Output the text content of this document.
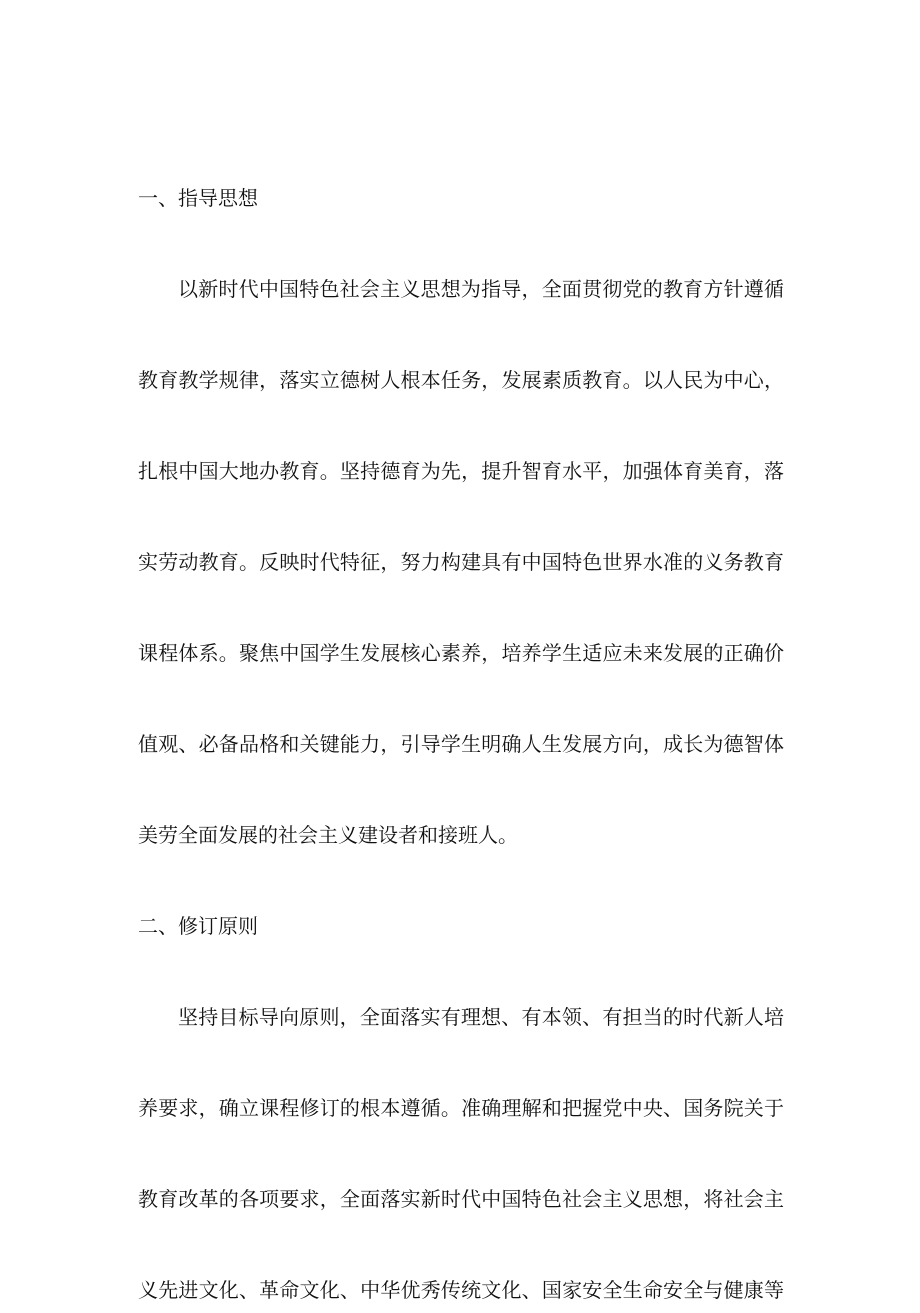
一、指导思想
以新时代中国特色社会主义思想为指导，全面贯彻党的教育方针遵循
教育教学规律，落实立德树人根本任务，发展素质教育。以人民为中心，
扎根中国大地办教育。坚持德育为先，提升智育水平，加强体育美育，落
实劳动教育。反映时代特征，努力构建具有中国特色世界水准的义务教育
课程体系。聚焦中国学生发展核心素养，培养学生适应未来发展的正确价
值观、必备品格和关键能力，引导学生明确人生发展方向，成长为德智体
美劳全面发展的社会主义建设者和接班人。
二、修订原则
坚持目标导向原则，全面落实有理想、有本领、有担当的时代新人培
养要求，确立课程修订的根本遵循。准确理解和把握党中央、国务院关于
教育改革的各项要求，全面落实新时代中国特色社会主义思想，将社会主
义先进文化、革命文化、中华优秀传统文化、国家安全生命安全与健康等
